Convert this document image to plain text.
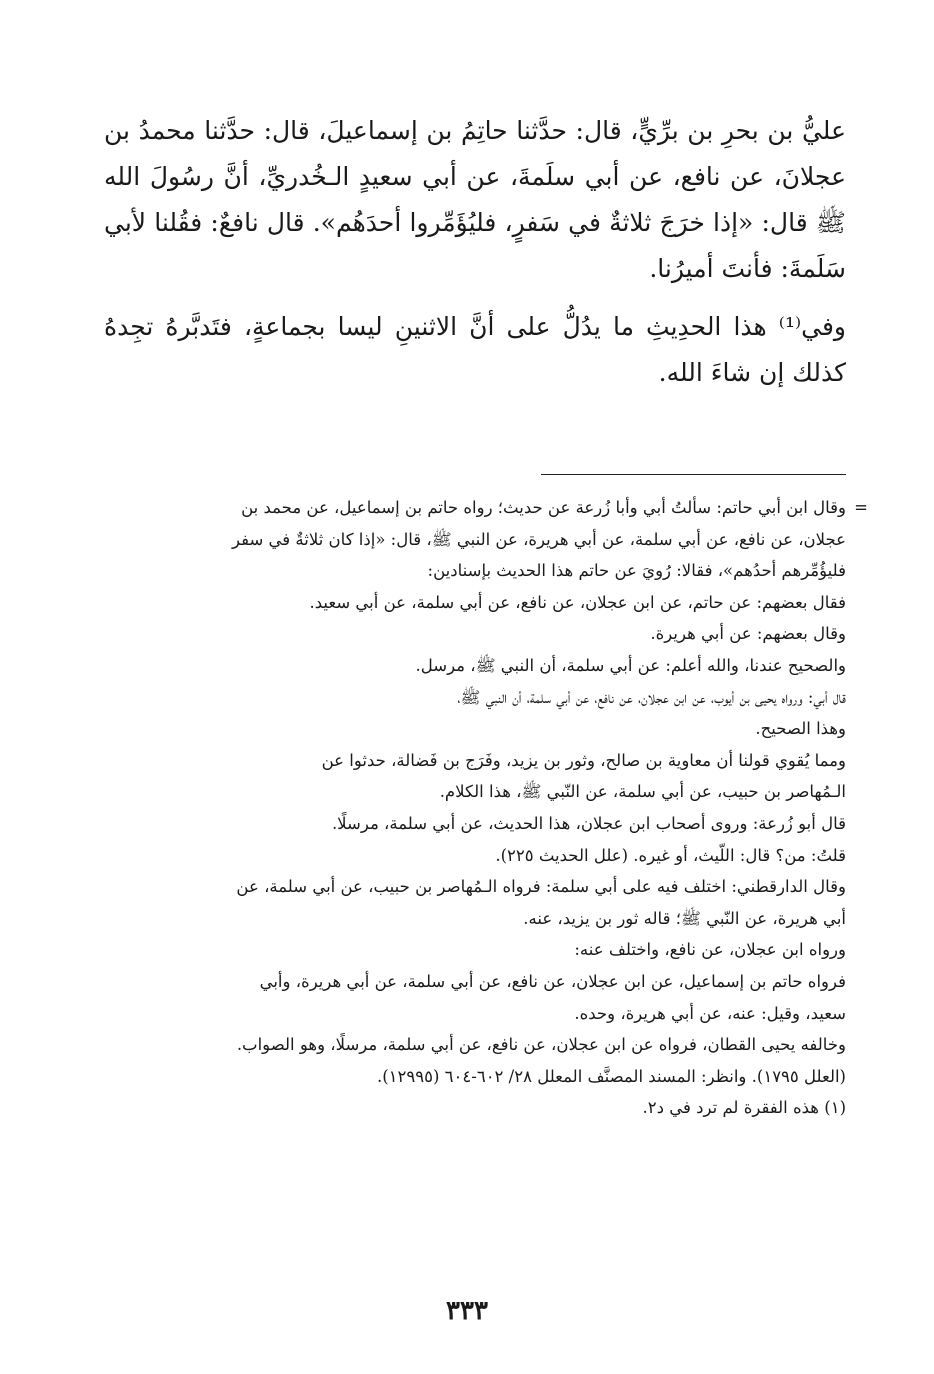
عليُّ بن بحرِ بن برِّيٍّ، قال: حدَّثنا حاتِمُ بن إسماعيلَ، قال: حدَّثنا محمدُ بن عجلانَ، عن نافع، عن أبي سلَمةَ، عن أبي سعيدٍ الـخُدريِّ، أنَّ رسُولَ الله ﷺ قال: «إذا خرَجَ ثلاثةٌ في سَفرٍ، فليُؤَمِّروا أحدَهُم». قال نافعٌ: فقُلنا لأبي سَلَمةَ: فأنتَ أميرُنا.

وفي⁽¹⁾ هذا الحدِيثِ ما يدُلُّ على أنَّ الاثنينِ ليسا بجماعةٍ، فتَدبَّرهُ تجِدهُ كذلك إن شاءَ الله.

=
وقال ابن أبي حاتم: سألتُ أبي وأبا زُرعة عن حديث؛ رواه حاتم بن إسماعيل، عن محمد بن
عجلان، عن نافع، عن أبي سلمة، عن أبي هريرة، عن النبي ﷺ، قال: «إذا كان ثلاثةٌ في سفر
فليؤُمِّرهم أحدُهم»، فقالا: رُويَ عن حاتم هذا الحديث بإسنادين:
فقال بعضهم: عن حاتم، عن ابن عجلان، عن نافع، عن أبي سلمة، عن أبي سعيد.
وقال بعضهم: عن أبي هريرة.
والصحيح عندنا، والله أعلم: عن أبي سلمة، أن النبي ﷺ، مرسل.
قال أبي: ورواه يحيى بن أيوب، عن ابن عجلان، عن نافع، عن أبي سلمة، أن النبي ﷺ،
وهذا الصحيح.
ومما يُقوي قولنا أن معاوية بن صالح، وثور بن يزيد، وفَرَج بن فَضالة، حدثوا عن
الـمُهاصر بن حبيب، عن أبي سلمة، عن النّبي ﷺ، هذا الكلام.
قال أبو زُرعة: وروى أصحاب ابن عجلان، هذا الحديث، عن أبي سلمة، مرسلًا.
قلتُ: من؟ قال: اللّيث، أو غيره. (علل الحديث ٢٢٥).
وقال الدارقطني: اختلف فيه على أبي سلمة: فرواه الـمُهاصر بن حبيب، عن أبي سلمة، عن
أبي هريرة، عن النّبي ﷺ؛ قاله ثور بن يزيد، عنه.
ورواه ابن عجلان، عن نافع، واختلف عنه:
فرواه حاتم بن إسماعيل، عن ابن عجلان، عن نافع، عن أبي سلمة، عن أبي هريرة، وأبي
سعيد، وقيل: عنه، عن أبي هريرة، وحده.
وخالفه يحيى القطان، فرواه عن ابن عجلان، عن نافع، عن أبي سلمة، مرسلًا، وهو الصواب.
(العلل ١٧٩٥). وانظر: المسند المصنَّف المعلل ٢٨/ ٦٠٢-٦٠٤ (١٢٩٩٥).
(١) هذه الفقرة لم ترد في د٢.
٣٣٣
